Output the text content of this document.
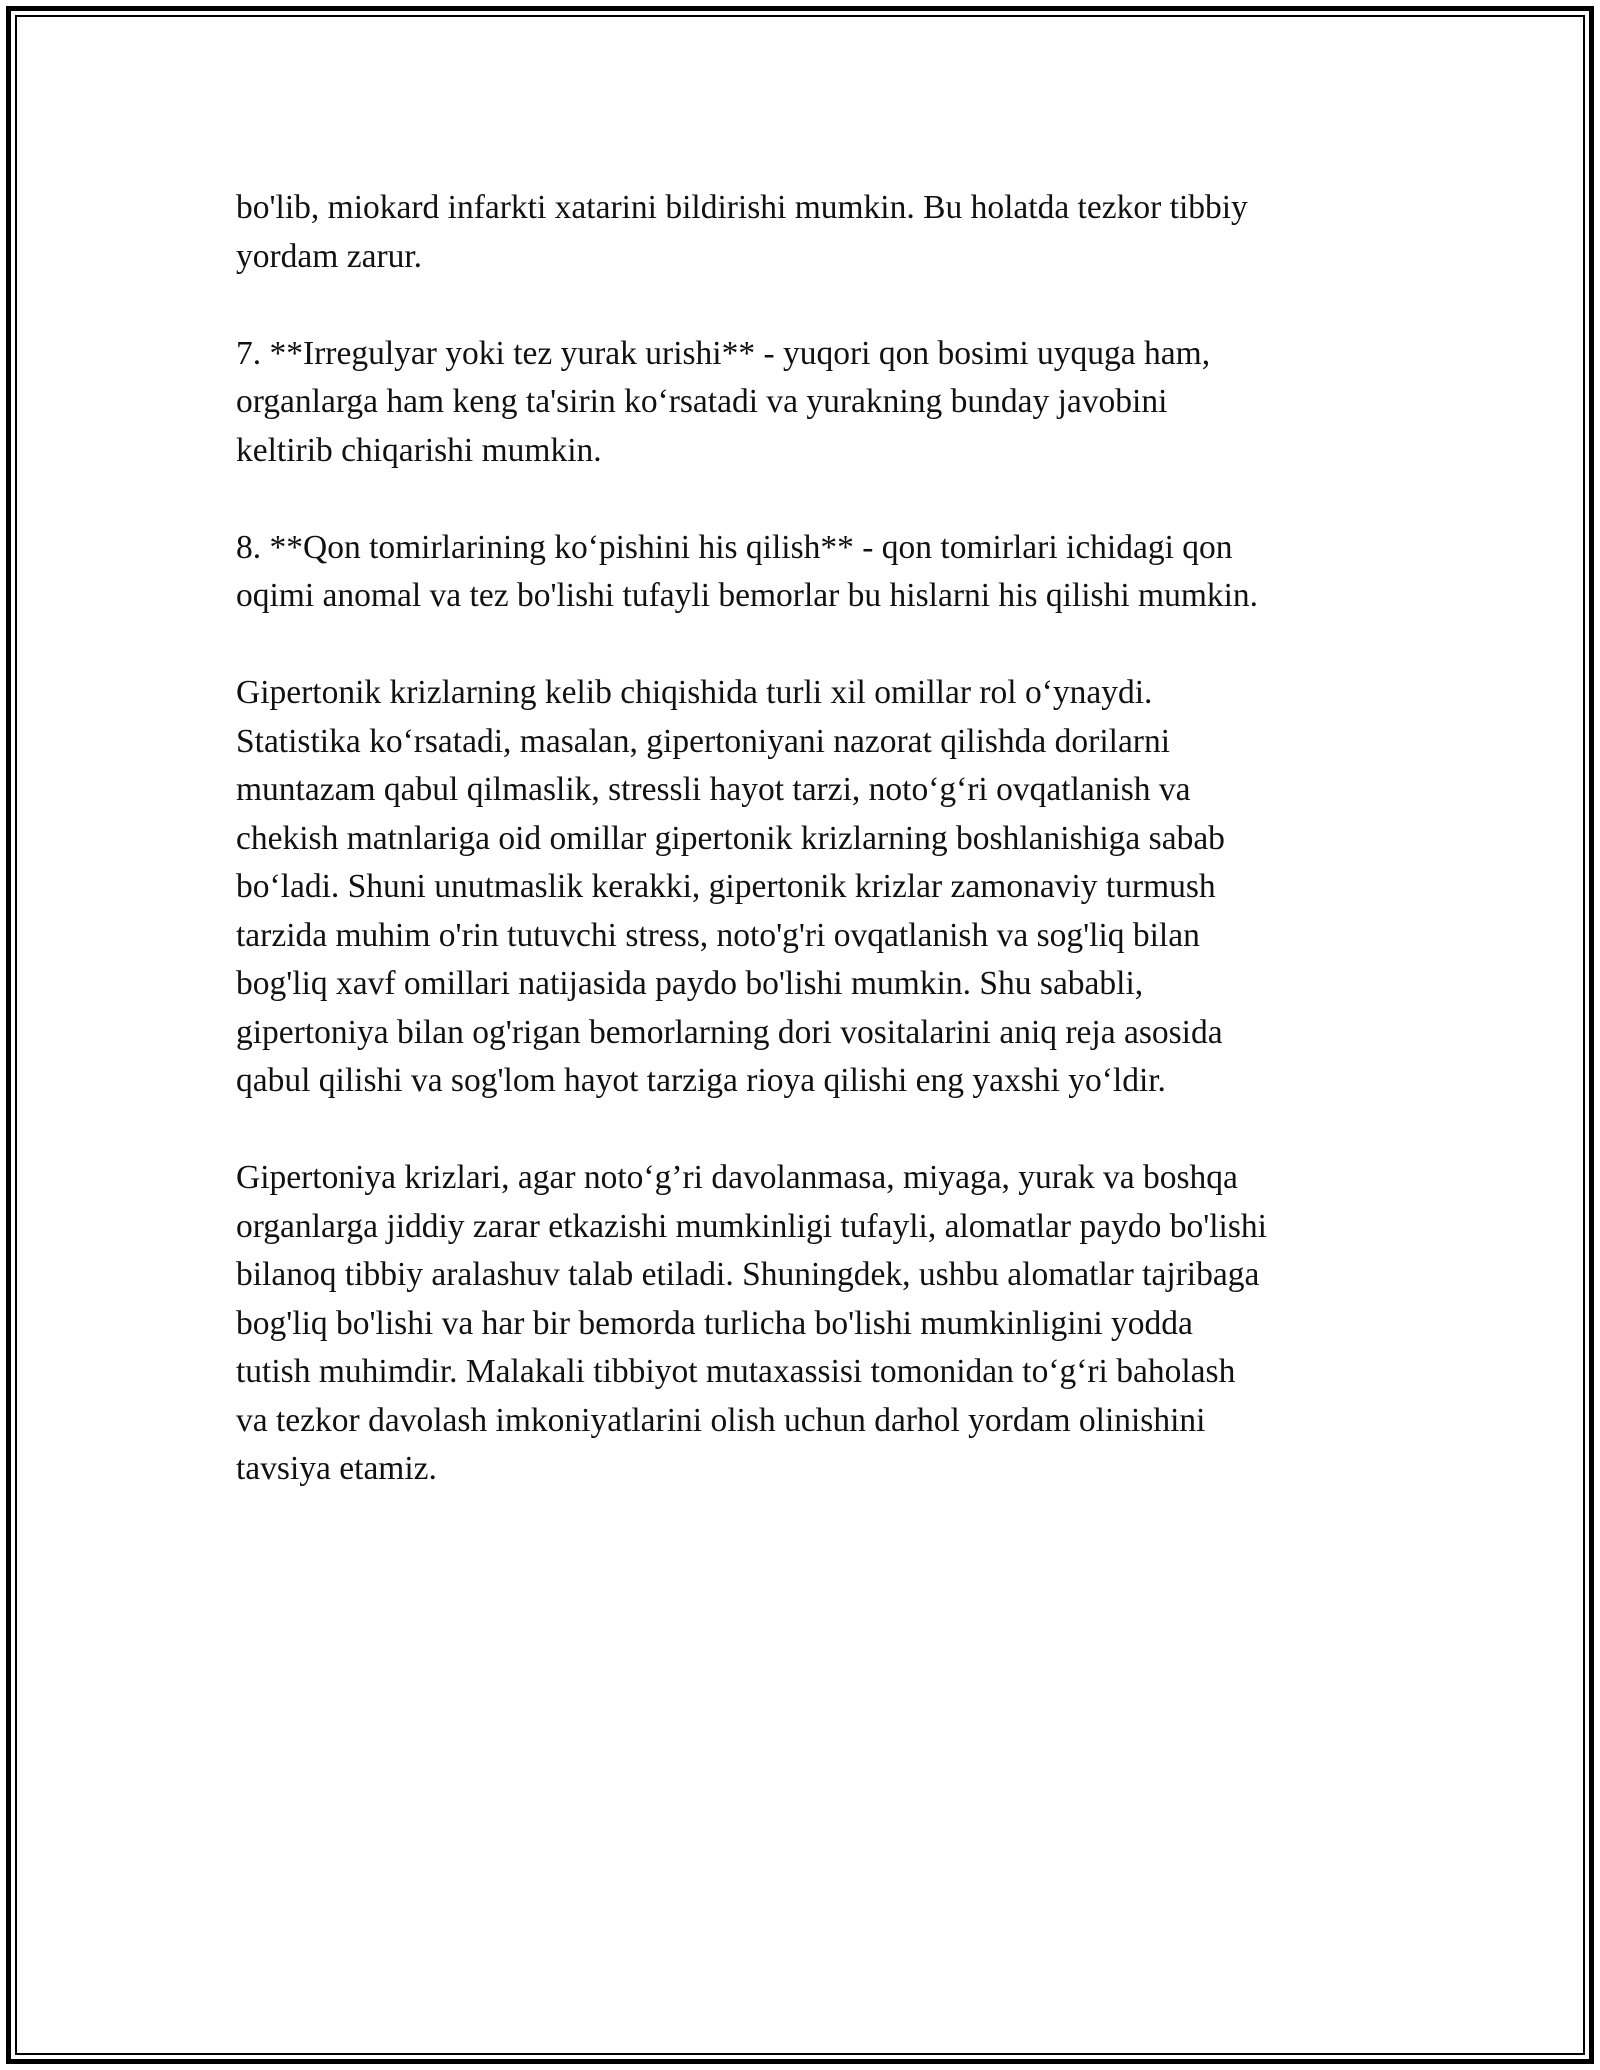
bo'lib, miokard infarkti xatarini bildirishi mumkin. Bu holatda tezkor tibbiy
yordam zarur.

7. **Irregulyar yoki tez yurak urishi** - yuqori qon bosimi uyquga ham,
organlarga ham keng ta'sirin ko‘rsatadi va yurakning bunday javobini
keltirib chiqarishi mumkin.

8. **Qon tomirlarining ko‘pishini his qilish** - qon tomirlari ichidagi qon
oqimi anomal va tez bo'lishi tufayli bemorlar bu hislarni his qilishi mumkin.

Gipertonik krizlarning kelib chiqishida turli xil omillar rol o‘ynaydi.
Statistika ko‘rsatadi, masalan, gipertoniyani nazorat qilishda dorilarni
muntazam qabul qilmaslik, stressli hayot tarzi, noto‘g‘ri ovqatlanish va
chekish matnlariga oid omillar gipertonik krizlarning boshlanishiga sabab
bo‘ladi. Shuni unutmaslik kerakki, gipertonik krizlar zamonaviy turmush
tarzida muhim o'rin tutuvchi stress, noto'g'ri ovqatlanish va sog'liq bilan
bog'liq xavf omillari natijasida paydo bo'lishi mumkin. Shu sababli,
gipertoniya bilan og'rigan bemorlarning dori vositalarini aniq reja asosida
qabul qilishi va sog'lom hayot tarziga rioya qilishi eng yaxshi yo‘ldir.

Gipertoniya krizlari, agar noto‘g’ri davolanmasa, miyaga, yurak va boshqa
organlarga jiddiy zarar etkazishi mumkinligi tufayli, alomatlar paydo bo'lishi
bilanoq tibbiy aralashuv talab etiladi. Shuningdek, ushbu alomatlar tajribaga
bog'liq bo'lishi va har bir bemorda turlicha bo'lishi mumkinligini yodda
tutish muhimdir. Malakali tibbiyot mutaxassisi tomonidan to‘g‘ri baholash
va tezkor davolash imkoniyatlarini olish uchun darhol yordam olinishini
tavsiya etamiz.
